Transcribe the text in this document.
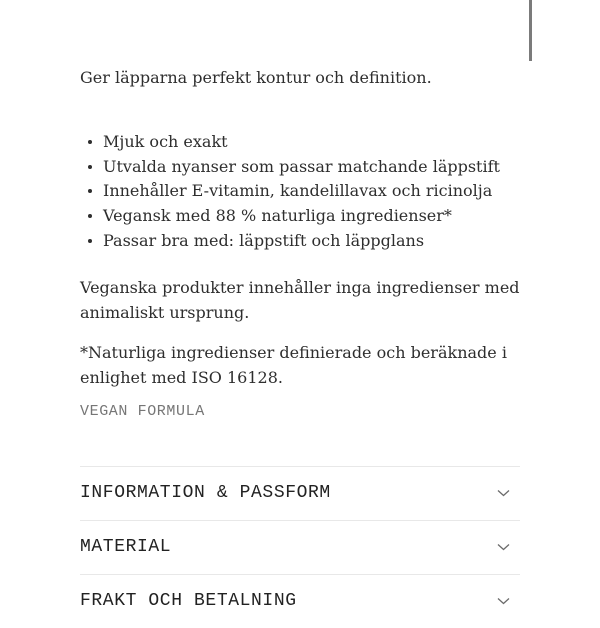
Ger läpparna perfekt kontur och definition.

Mjuk och exakt
Utvalda nyanser som passar matchande läppstift
Innehåller E-vitamin, kandelillavax och ricinolja
Vegansk med 88 % naturliga ingredienser*
Passar bra med: läppstift och läppglans

Veganska produkter innehåller inga ingredienser med animaliskt ursprung.

*Naturliga ingredienser definierade och beräknade i enlighet med ISO 16128.

VEGAN FORMULA
INFORMATION & PASSFORM
MATERIAL
FRAKT OCH BETALNING
